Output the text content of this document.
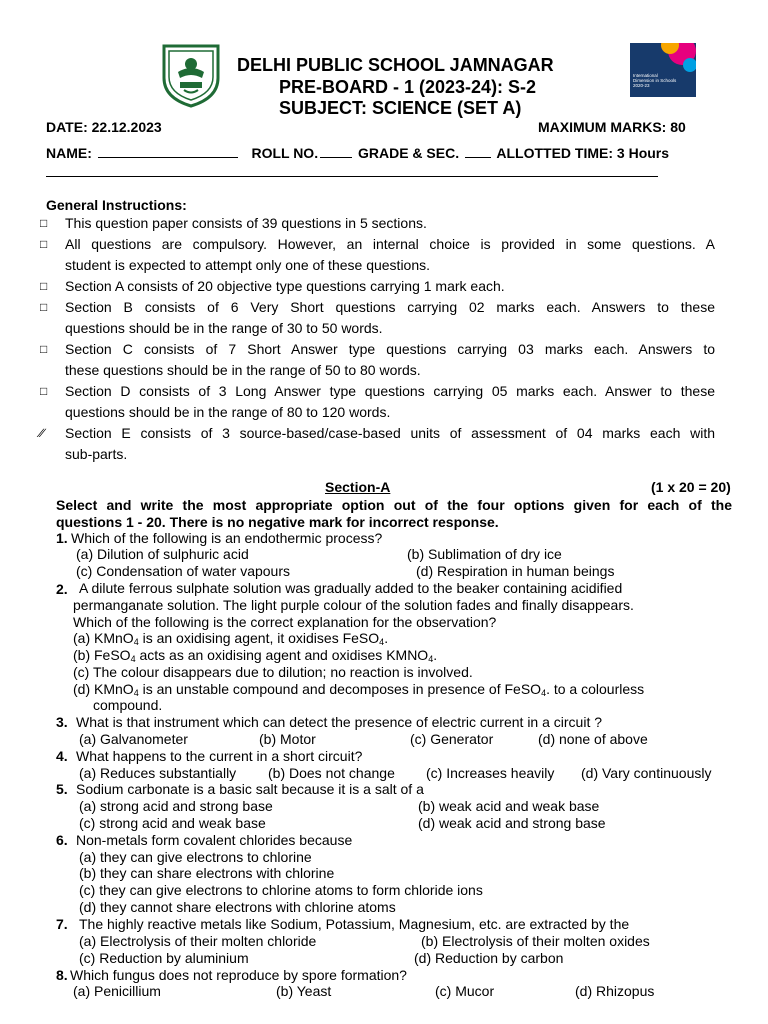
International
Dimension in Schools
2020-23
DELHI PUBLIC SCHOOL JAMNAGAR
PRE-BOARD - 1 (2023-24): S-2
SUBJECT: SCIENCE (SET A)
DATE: 22.12.2023	MAXIMUM MARKS: 80
NAME:	ROLL NO.	GRADE & SEC.	ALLOTTED TIME: 3 Hours
General Instructions:
□ This question paper consists of 39 questions in 5 sections.
□ All questions are compulsory. However, an internal choice is provided in some questions. A
student is expected to attempt only one of these questions.
□ Section A consists of 20 objective type questions carrying 1 mark each.
□ Section B consists of 6 Very Short questions carrying 02 marks each. Answers to these
questions should be in the range of 30 to 50 words.
□ Section C consists of 7 Short Answer type questions carrying 03 marks each. Answers to
these questions should be in the range of 50 to 80 words.
□ Section D consists of 3 Long Answer type questions carrying 05 marks each. Answer to these
questions should be in the range of 80 to 120 words.
∕∕ Section E consists of 3 source-based/case-based units of assessment of 04 marks each with
sub-parts.
Section-A	(1 x 20 = 20)
Select and write the most appropriate option out of the four options given for each of the
questions 1 - 20. There is no negative mark for incorrect response.
1. Which of the following is an endothermic process?
(a) Dilution of sulphuric acid	(b) Sublimation of dry ice
(c) Condensation of water vapours	(d) Respiration in human beings
2. A dilute ferrous sulphate solution was gradually added to the beaker containing acidified
permanganate solution. The light purple colour of the solution fades and finally disappears.
Which of the following is the correct explanation for the observation?
(a) KMnO$_4$ is an oxidising agent, it oxidises FeSO$_4$.
(b) FeSO$_4$ acts as an oxidising agent and oxidises $KMNO_4$.
(c) The colour disappears due to dilution; no reaction is involved.
(d) KMnO$_4$ is an unstable compound and decomposes in presence of FeSO$_4$. to a colourless
compound.
3. What is that instrument which can detect the presence of electric current in a circuit ?
(a) Galvanometer	(b) Motor	(c) Generator	(d) none of above
4. What happens to the current in a short circuit?
(a) Reduces substantially (b) Does not change (c) Increases heavily (d) Vary continuously
5. Sodium carbonate is a basic salt because it is a salt of a
(a) strong acid and strong base	(b) weak acid and weak base
(c) strong acid and weak base	(d) weak acid and strong base
6. Non-metals form covalent chlorides because
(a) they can give electrons to chlorine
(b) they can share electrons with chlorine
(c) they can give electrons to chlorine atoms to form chloride ions
(d) they cannot share electrons with chlorine atoms
7. The highly reactive metals like Sodium, Potassium, Magnesium, etc. are extracted by the
(a) Electrolysis of their molten chloride	(b) Electrolysis of their molten oxides
(c) Reduction by aluminium	(d) Reduction by carbon
8. Which fungus does not reproduce by spore formation?
(a) Penicillium	(b) Yeast	(c) Mucor	(d) Rhizopus
